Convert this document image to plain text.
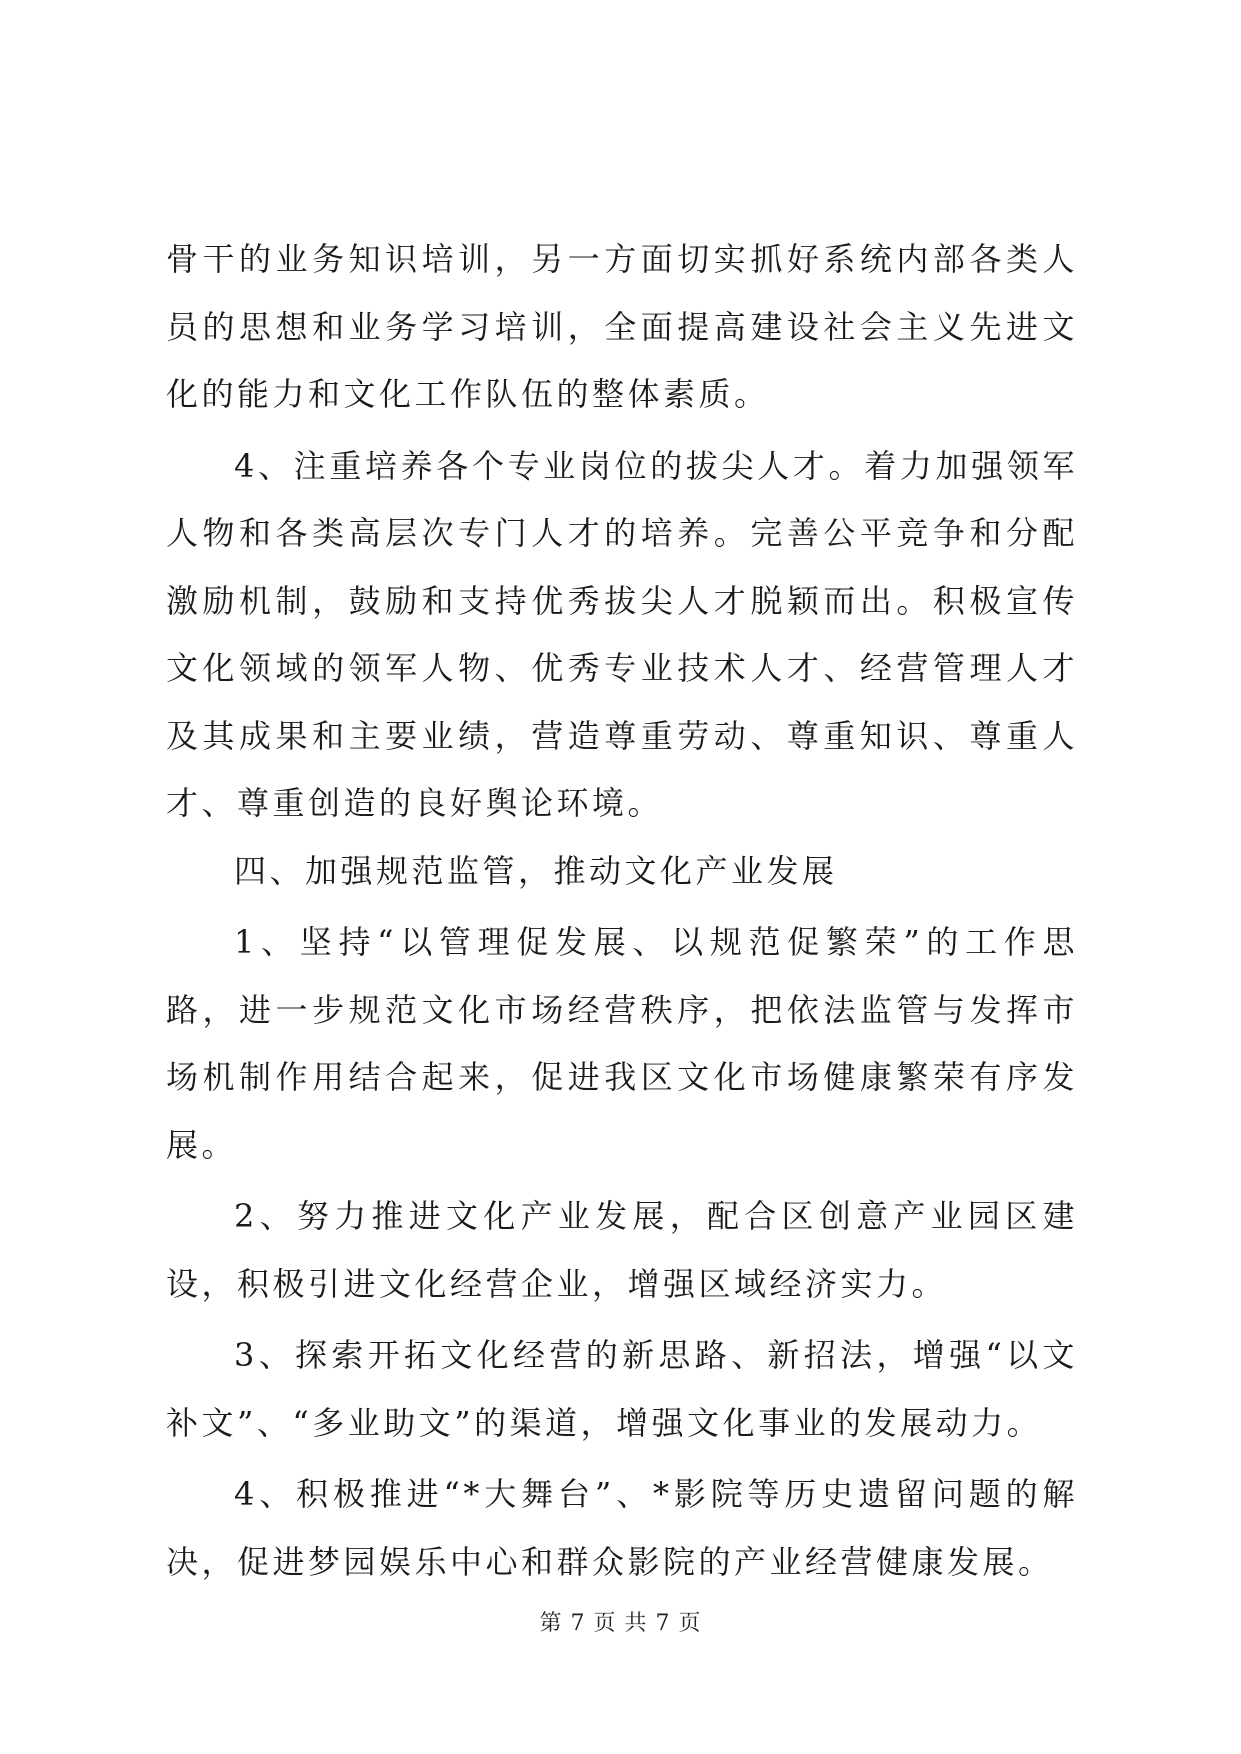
骨干的业务知识培训，另一方面切实抓好系统内部各类人员的思想和业务学习培训，全面提高建设社会主义先进文化的能力和文化工作队伍的整体素质。

4、注重培养各个专业岗位的拔尖人才。着力加强领军人物和各类高层次专门人才的培养。完善公平竞争和分配激励机制，鼓励和支持优秀拔尖人才脱颖而出。积极宣传文化领域的领军人物、优秀专业技术人才、经营管理人才及其成果和主要业绩，营造尊重劳动、尊重知识、尊重人才、尊重创造的良好舆论环境。

四、加强规范监管，推动文化产业发展

1、坚持“以管理促发展、以规范促繁荣”的工作思路，进一步规范文化市场经营秩序，把依法监管与发挥市场机制作用结合起来，促进我区文化市场健康繁荣有序发展。

2、努力推进文化产业发展，配合区创意产业园区建设，积极引进文化经营企业，增强区域经济实力。

3、探索开拓文化经营的新思路、新招法，增强“以文补文”、“多业助文”的渠道，增强文化事业的发展动力。

4、积极推进“*大舞台”、*影院等历史遗留问题的解决，促进梦园娱乐中心和群众影院的产业经营健康发展。

第 7 页 共 7 页
